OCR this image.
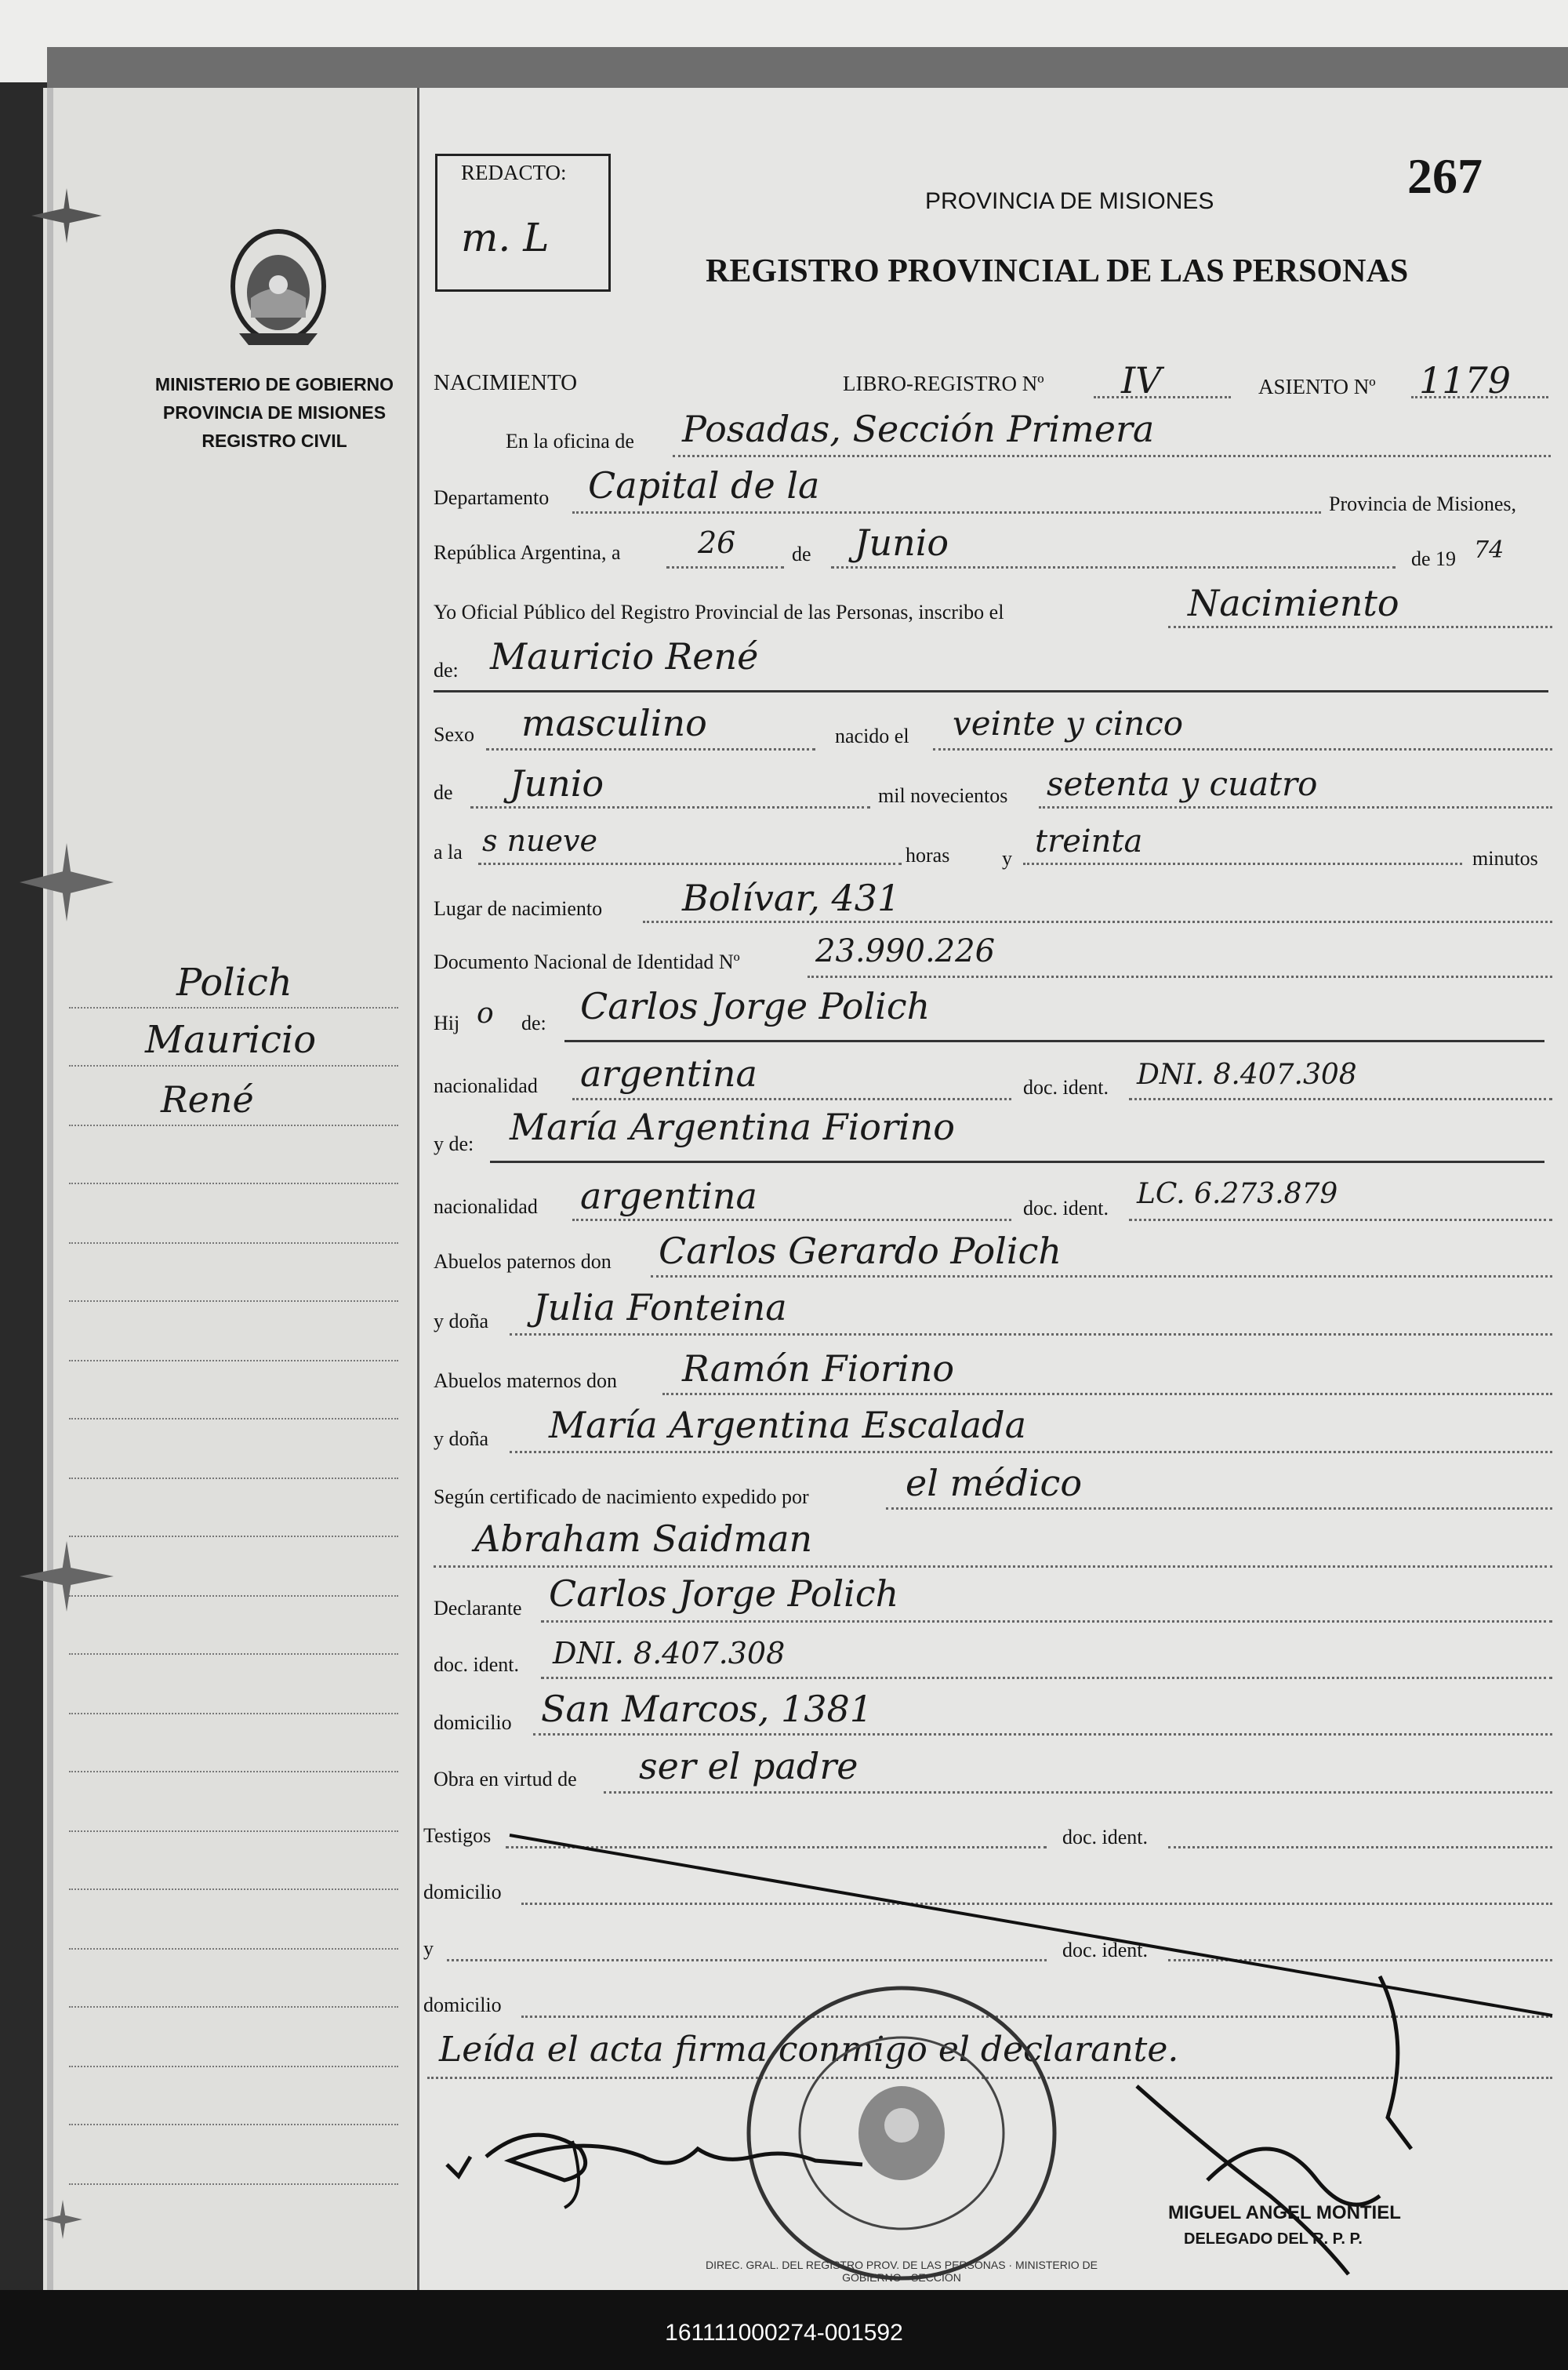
MINISTERIO DE GOBIERNO
PROVINCIA DE MISIONES
REGISTRO CIVIL
REDACTO:
m. L
267
PROVINCIA DE MISIONES
REGISTRO PROVINCIAL DE LAS PERSONAS
NACIMIENTO	LIBRO-REGISTRO Nº IV	ASIENTO Nº 1179
En la oficina de Posadas, Sección Primera
Departamento Capital de la	Provincia de Misiones,
República Argentina, a	26	de Junio	de 19 74
Yo Oficial Público del Registro Provincial de las Personas, inscribo el	Nacimiento
de: Mauricio René
Sexo masculino	nacido el veinte y cinco
de Junio	mil novecientos setenta y cuatro
a la s nueve	horas	y treinta	minutos
Lugar de nacimiento Bolívar, 431
Documento Nacional de Identidad Nº 23.990.226
Hij o de: Carlos Jorge Polich
nacionalidad argentina	doc. ident. DNI. 8.407.308
y de: María Argentina Fiorino
nacionalidad argentina	doc. ident. LC. 6.273.879
Abuelos paternos don Carlos Gerardo Polich
y doña Julia Fonteina
Abuelos maternos don Ramón Fiorino
y doña María Argentina Escalada
Según certificado de nacimiento expedido por	el médico
Abraham Saidman
Declarante Carlos Jorge Polich
doc. ident. DNI. 8.407.308
domicilio San Marcos, 1381
Obra en virtud de ser el padre
Testigos	doc. ident.
domicilio
y	doc. ident.
domicilio
Leída el acta firma conmigo el declarante.
DIREC. GRAL. DEL REGISTRO PROV. DE LAS PERSONAS · MINISTERIO DE GOBIERNO · SECCIÓN
MIGUEL ANGEL MONTIEL
DELEGADO DEL R. P. P.
Polich
Mauricio
René
161111000274-001592
